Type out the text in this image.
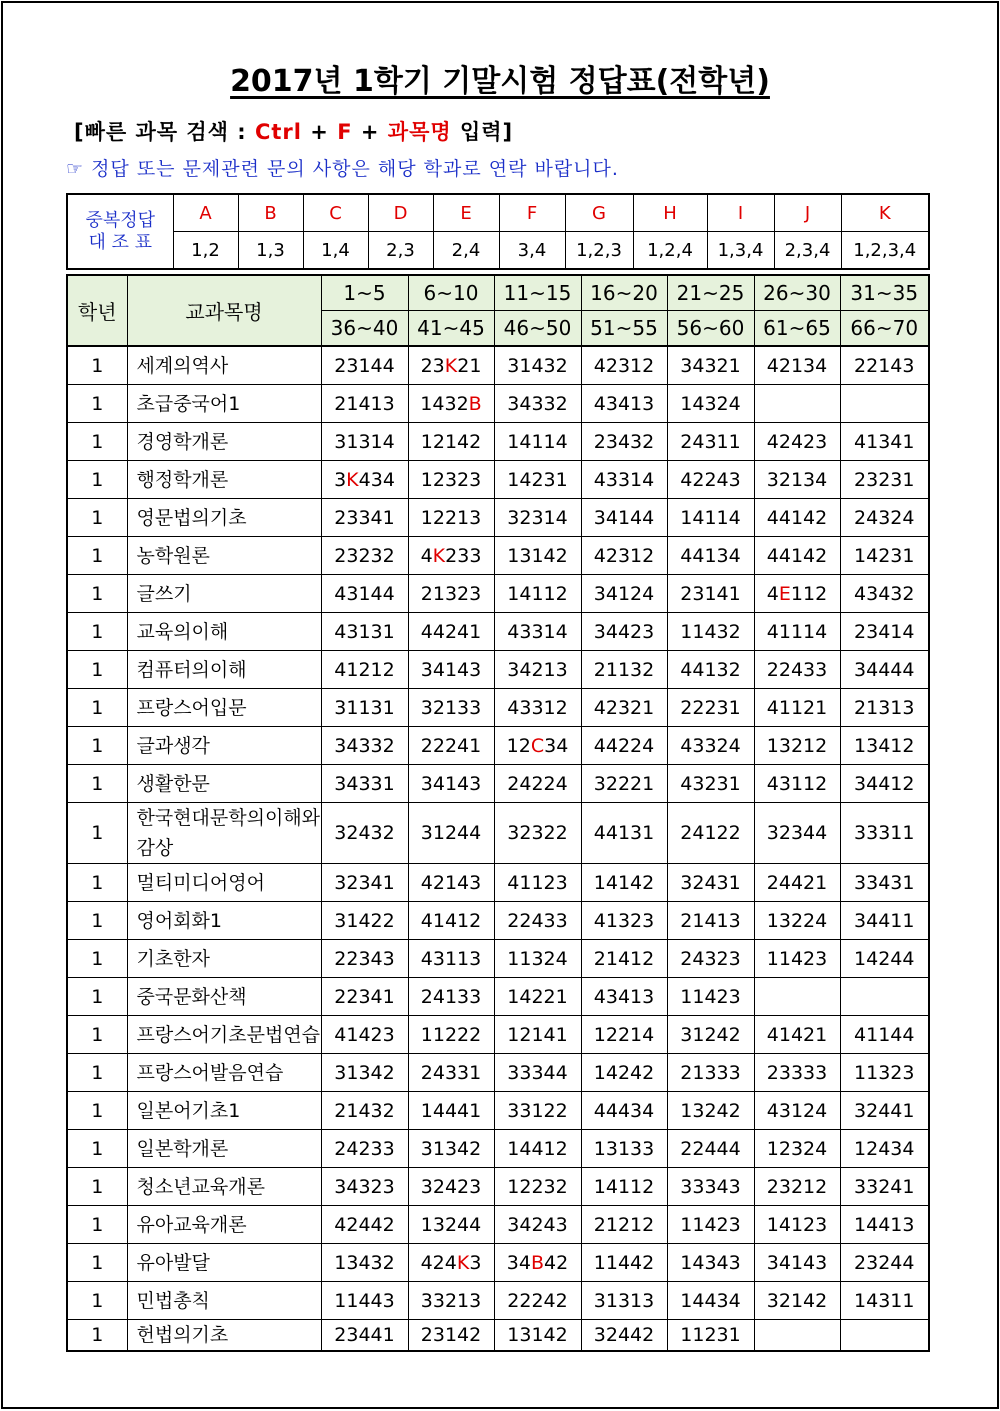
2017년 1학기 기말시험 정답표(전학년)
[빠른 과목 검색 : Ctrl + F + 과목명 입력]
☞ 정답 또는 문제관련 문의 사항은 해당 학과로 연락 바랍니다.
중복정답
대 조 표	A	B	C	D	E	F	G	H	I	J	K
	1,2	1,3	1,4	2,3	2,4	3,4	1,2,3	1,2,4	1,3,4	2,3,4	1,2,3,4
학년	교과목명	1~5	6~10	11~15	16~20	21~25	26~30	31~35
		36~40	41~45	46~50	51~55	56~60	61~65	66~70
1	세계의역사	23144	23K21	31432	42312	34321	42134	22143
1	초급중국어1	21413	1432B	34332	43413	14324		
1	경영학개론	31314	12142	14114	23432	24311	42423	41341
1	행정학개론	3K434	12323	14231	43314	42243	32134	23231
1	영문법의기초	23341	12213	32314	34144	14114	44142	24324
1	농학원론	23232	4K233	13142	42312	44134	44142	14231
1	글쓰기	43144	21323	14112	34124	23141	4E112	43432
1	교육의이해	43131	44241	43314	34423	11432	41114	23414
1	컴퓨터의이해	41212	34143	34213	21132	44132	22433	34444
1	프랑스어입문	31131	32133	43312	42321	22231	41121	21313
1	글과생각	34332	22241	12C34	44224	43324	13212	13412
1	생활한문	34331	34143	24224	32221	43231	43112	34412
1	한국현대문학의이해와감상	32432	31244	32322	44131	24122	32344	33311
1	멀티미디어영어	32341	42143	41123	14142	32431	24421	33431
1	영어회화1	31422	41412	22433	41323	21413	13224	34411
1	기초한자	22343	43113	11324	21412	24323	11423	14244
1	중국문화산책	22341	24133	14221	43413	11423		
1	프랑스어기초문법연습	41423	11222	12141	12214	31242	41421	41144
1	프랑스어발음연습	31342	24331	33344	14242	21333	23333	11323
1	일본어기초1	21432	14441	33122	44434	13242	43124	32441
1	일본학개론	24233	31342	14412	13133	22444	12324	12434
1	청소년교육개론	34323	32423	12232	14112	33343	23212	33241
1	유아교육개론	42442	13244	34243	21212	11423	14123	14413
1	유아발달	13432	424K3	34B42	11442	14343	34143	23244
1	민법총칙	11443	33213	22242	31313	14434	32142	14311
1	헌법의기초	23441	23142	13142	32442	11231		
